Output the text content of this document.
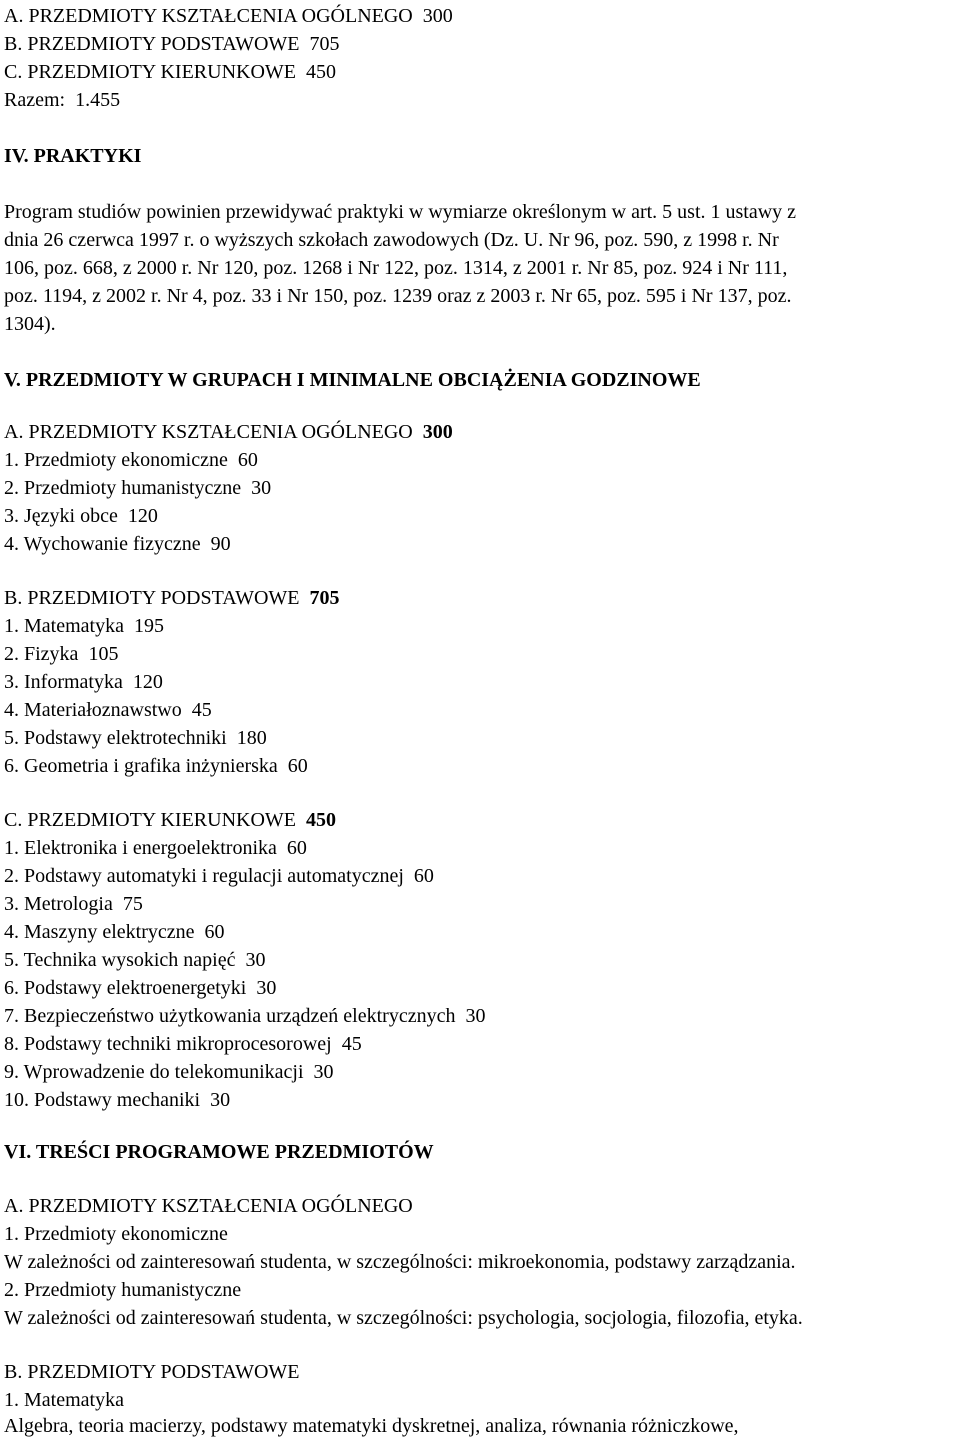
A. PRZEDMIOTY KSZTAŁCENIA OGÓLNEGO 300
B. PRZEDMIOTY PODSTAWOWE 705
C. PRZEDMIOTY KIERUNKOWE 450
Razem: 1.455
IV. PRAKTYKI
Program studiów powinien przewidywać praktyki w wymiarze określonym w art. 5 ust. 1 ustawy z
dnia 26 czerwca 1997 r. o wyższych szkołach zawodowych (Dz. U. Nr 96, poz. 590, z 1998 r. Nr
106, poz. 668, z 2000 r. Nr 120, poz. 1268 i Nr 122, poz. 1314, z 2001 r. Nr 85, poz. 924 i Nr 111,
poz. 1194, z 2002 r. Nr 4, poz. 33 i Nr 150, poz. 1239 oraz z 2003 r. Nr 65, poz. 595 i Nr 137, poz.
1304).
V. PRZEDMIOTY W GRUPACH I MINIMALNE OBCIĄŻENIA GODZINOWE
A. PRZEDMIOTY KSZTAŁCENIA OGÓLNEGO 300
1. Przedmioty ekonomiczne 60
2. Przedmioty humanistyczne 30
3. Języki obce 120
4. Wychowanie fizyczne 90
B. PRZEDMIOTY PODSTAWOWE 705
1. Matematyka 195
2. Fizyka 105
3. Informatyka 120
4. Materiałoznawstwo 45
5. Podstawy elektrotechniki 180
6. Geometria i grafika inżynierska 60
C. PRZEDMIOTY KIERUNKOWE 450
1. Elektronika i energoelektronika 60
2. Podstawy automatyki i regulacji automatycznej 60
3. Metrologia 75
4. Maszyny elektryczne 60
5. Technika wysokich napięć 30
6. Podstawy elektroenergetyki 30
7. Bezpieczeństwo użytkowania urządzeń elektrycznych 30
8. Podstawy techniki mikroprocesorowej 45
9. Wprowadzenie do telekomunikacji 30
10. Podstawy mechaniki 30
VI. TREŚCI PROGRAMOWE PRZEDMIOTÓW
A. PRZEDMIOTY KSZTAŁCENIA OGÓLNEGO
1. Przedmioty ekonomiczne
W zależności od zainteresowań studenta, w szczególności: mikroekonomia, podstawy zarządzania.
2. Przedmioty humanistyczne
W zależności od zainteresowań studenta, w szczególności: psychologia, socjologia, filozofia, etyka.
B. PRZEDMIOTY PODSTAWOWE
1. Matematyka
Algebra, teoria macierzy, podstawy matematyki dyskretnej, analiza, równania różniczkowe,
